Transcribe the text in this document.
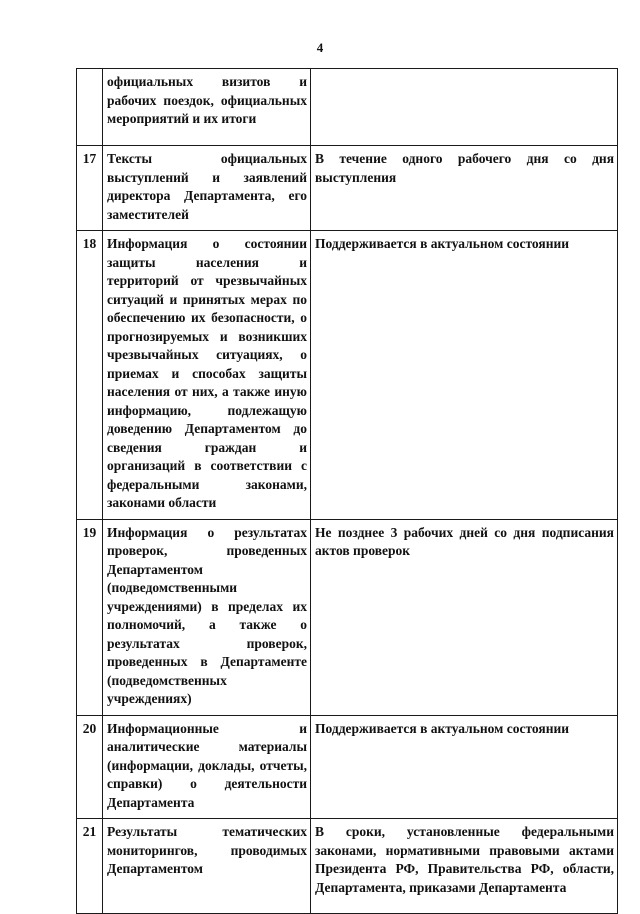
4
	официальных визитов и рабочих поездок, официальных мероприятий и их итоги	
17	Тексты официальных выступлений и заявлений директора Департамента, его заместителей	В течение одного рабочего дня со дня выступления
18	Информация о состоянии защиты населения и территорий от чрезвычайных ситуаций и принятых мерах по обеспечению их безопасности, о прогнозируемых и возникших чрезвычайных ситуациях, о приемах и способах защиты населения от них, а также иную информацию, подлежащую доведению Департаментом до сведения граждан и организаций в соответствии с федеральными законами, законами области	Поддерживается в актуальном состоянии
19	Информация о результатах проверок, проведенных Департаментом (подведомственными учреждениями) в пределах их полномочий, а также о результатах проверок, проведенных в Департаменте (подведомственных учреждениях)	Не позднее 3 рабочих дней со дня подписания актов проверок
20	Информационные и аналитические материалы (информации, доклады, отчеты, справки) о деятельности Департамента	Поддерживается в актуальном состоянии
21	Результаты тематических мониторингов, проводимых Департаментом	В сроки, установленные федеральными законами, нормативными правовыми актами Президента РФ, Правительства РФ, области, Департамента, приказами Департамента
